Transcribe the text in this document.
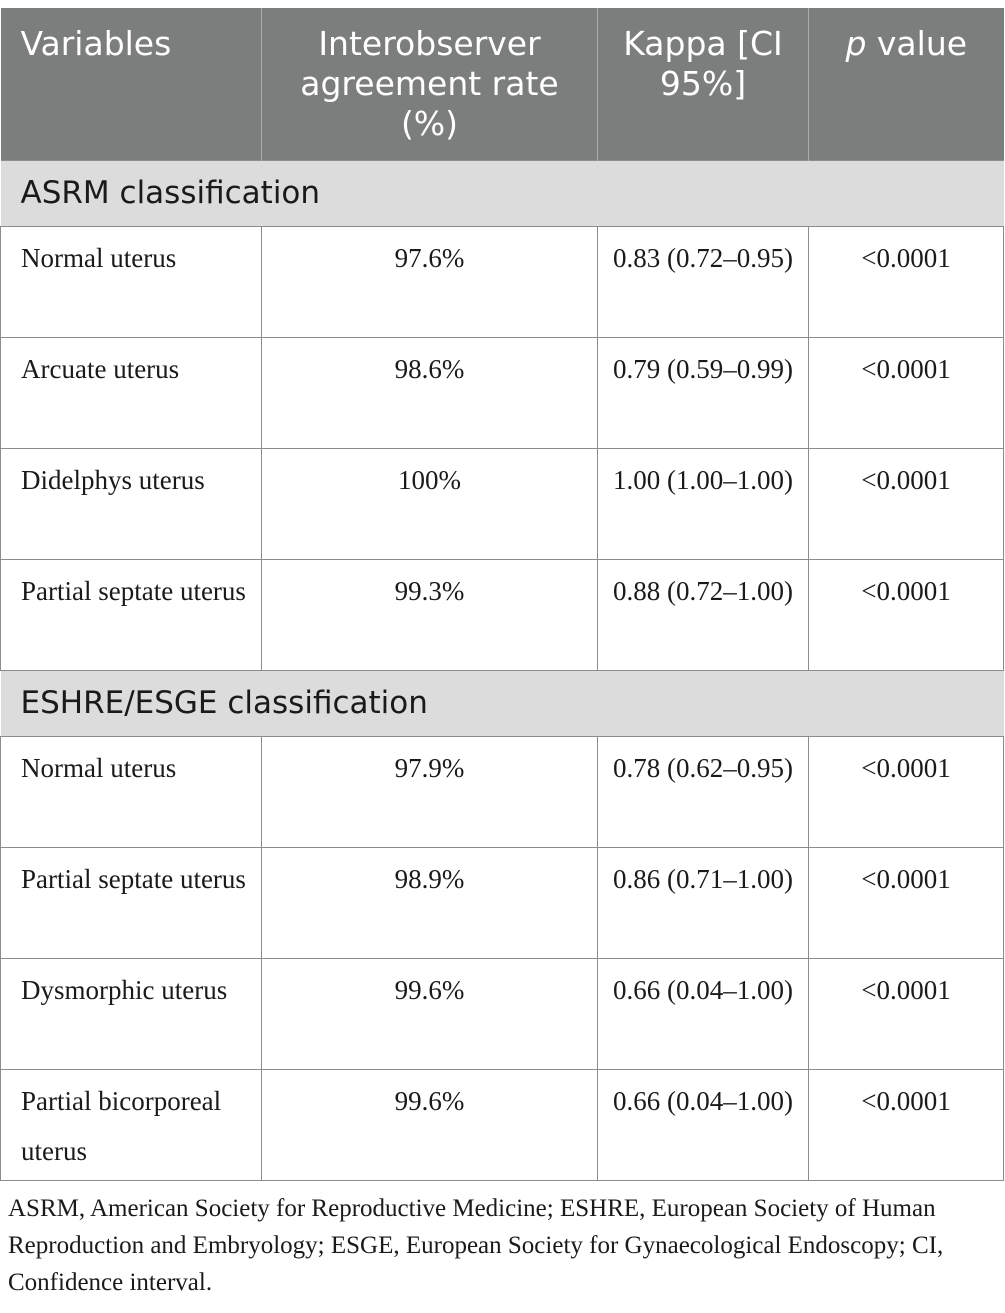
Variables	Interobserver agreement rate (%)	Kappa [CI 95%]	p value
ASRM classification			
Normal uterus	97.6%	0.83 (0.72–0.95)	<0.0001
Arcuate uterus	98.6%	0.79 (0.59–0.99)	<0.0001
Didelphys uterus	100%	1.00 (1.00–1.00)	<0.0001
Partial septate uterus	99.3%	0.88 (0.72–1.00)	<0.0001
ESHRE/ESGE classification			
Normal uterus	97.9%	0.78 (0.62–0.95)	<0.0001
Partial septate uterus	98.9%	0.86 (0.71–1.00)	<0.0001
Dysmorphic uterus	99.6%	0.66 (0.04–1.00)	<0.0001
Partial bicorporeal uterus	99.6%	0.66 (0.04–1.00)	<0.0001
ASRM, American Society for Reproductive Medicine; ESHRE, European Society of Human Reproduction and Embryology; ESGE, European Society for Gynaecological Endoscopy; CI, Confidence interval.
